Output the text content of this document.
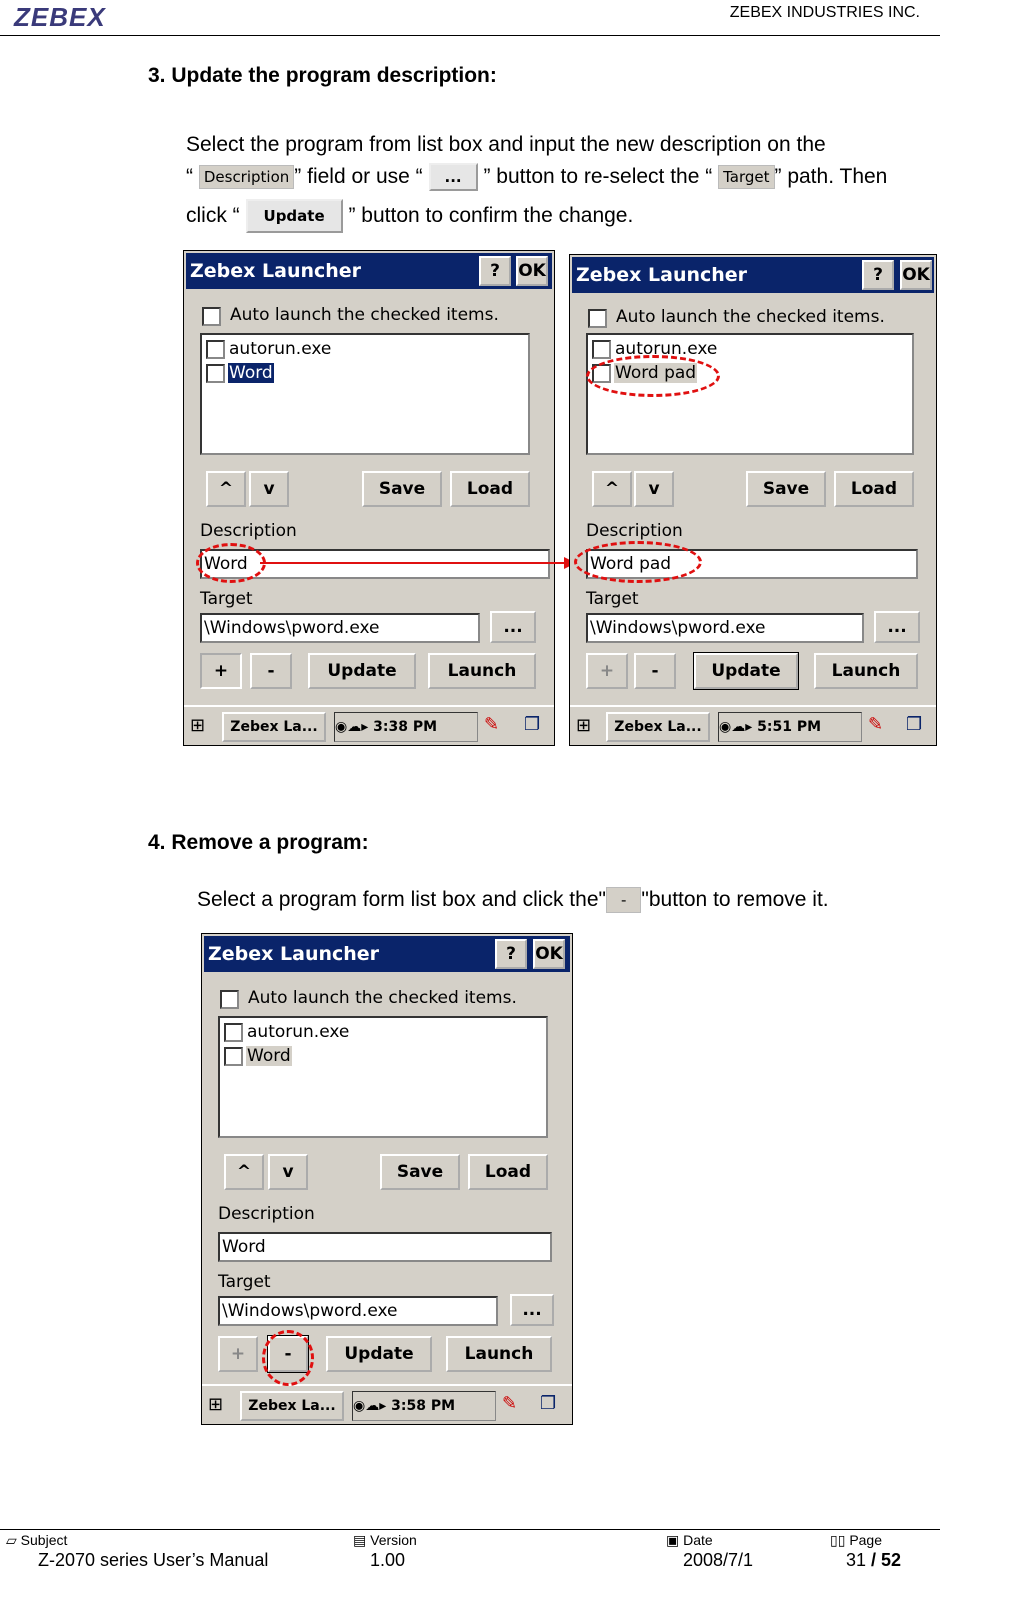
ZEBEX	ZEBEX INDUSTRIES INC.
3. Update the program description:
Select the program from list box and input the new description on the
“ Description ” field or use “ ... ” button to re-select the “ Target ” path. Then
click “ Update ” button to confirm the change.
Zebex Launcher	?	OK
Auto launch the checked items.
autorun.exe
Word
^	v	Save	Load
Description
Word
Target
\Windows\pword.exe	...
+	-	Update	Launch
⊞	Zebex La...	◉☁▸ 3:38 PM	✎ ❐
Zebex Launcher	?	OK
Auto launch the checked items.
autorun.exe
Word pad
^	v	Save	Load
Description
Word pad
Target
\Windows\pword.exe	...
+	-	Update	Launch
⊞	Zebex La...	◉☁▸ 5:51 PM	✎ ❐
4. Remove a program:
Select a program form list box and click the" - "button to remove it.
Zebex Launcher	?	OK
Auto launch the checked items.
autorun.exe
Word
^	v	Save	Load
Description
Word
Target
\Windows\pword.exe	...
+	-	Update	Launch
⊞	Zebex La...	◉☁▸ 3:58 PM	✎ ❐
▱ Subject	▤ Version	▣ Date	▯▯ Page
Z-2070 series User’s Manual	1.00	2008/7/1	31 / 52
